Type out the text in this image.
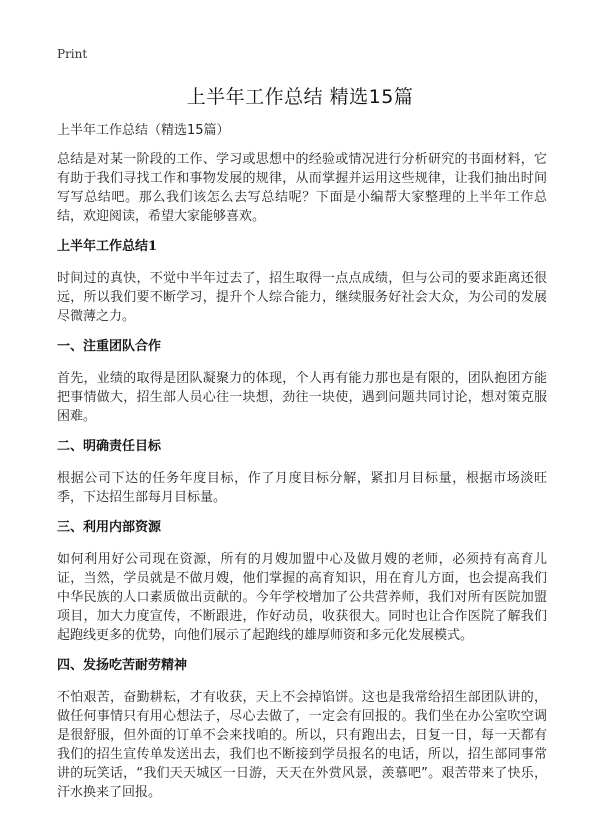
Print
上半年工作总结 精选15篇
上半年工作总结（精选15篇）

总结是对某一阶段的工作、学习或思想中的经验或情况进行分析研究的书面材料，它有助于我们寻找工作和事物发展的规律，从而掌握并运用这些规律，让我们抽出时间写写总结吧。那么我们该怎么去写总结呢？下面是小编帮大家整理的上半年工作总结，欢迎阅读，希望大家能够喜欢。

上半年工作总结1

时间过的真快，不觉中半年过去了，招生取得一点点成绩，但与公司的要求距离还很远，所以我们要不断学习，提升个人综合能力，继续服务好社会大众，为公司的发展尽微薄之力。

一、注重团队合作

首先，业绩的取得是团队凝聚力的体现，个人再有能力那也是有限的，团队抱团方能把事情做大，招生部人员心往一块想，劲往一块使，遇到问题共同讨论，想对策克服困难。

二、明确责任目标

根据公司下达的任务年度目标，作了月度目标分解，紧扣月目标量，根据市场淡旺季，下达招生部每月目标量。

三、利用内部资源

如何利用好公司现在资源，所有的月嫂加盟中心及做月嫂的老师，必须持有高育儿证，当然，学员就是不做月嫂，他们掌握的高育知识，用在育儿方面，也会提高我们中华民族的人口素质做出贡献的。今年学校增加了公共营养师，我们对所有医院加盟项目，加大力度宣传，不断跟进，作好动员，收获很大。同时也让合作医院了解我们起跑线更多的优势，向他们展示了起跑线的雄厚师资和多元化发展模式。

四、发扬吃苦耐劳精神

不怕艰苦，奋勤耕耘，才有收获，天上不会掉馅饼。这也是我常给招生部团队讲的，做任何事情只有用心想法子，尽心去做了，一定会有回报的。我们坐在办公室吹空调是很舒服，但外面的订单不会来找咱的。所以，只有跑出去，日复一日，每一天都有我们的招生宣传单发送出去，我们也不断接到学员报名的电话，所以，招生部同事常讲的玩笑话，“我们天天城区一日游，天天在外赏风景，羡慕吧”。艰苦带来了快乐，汗水换来了回报。
